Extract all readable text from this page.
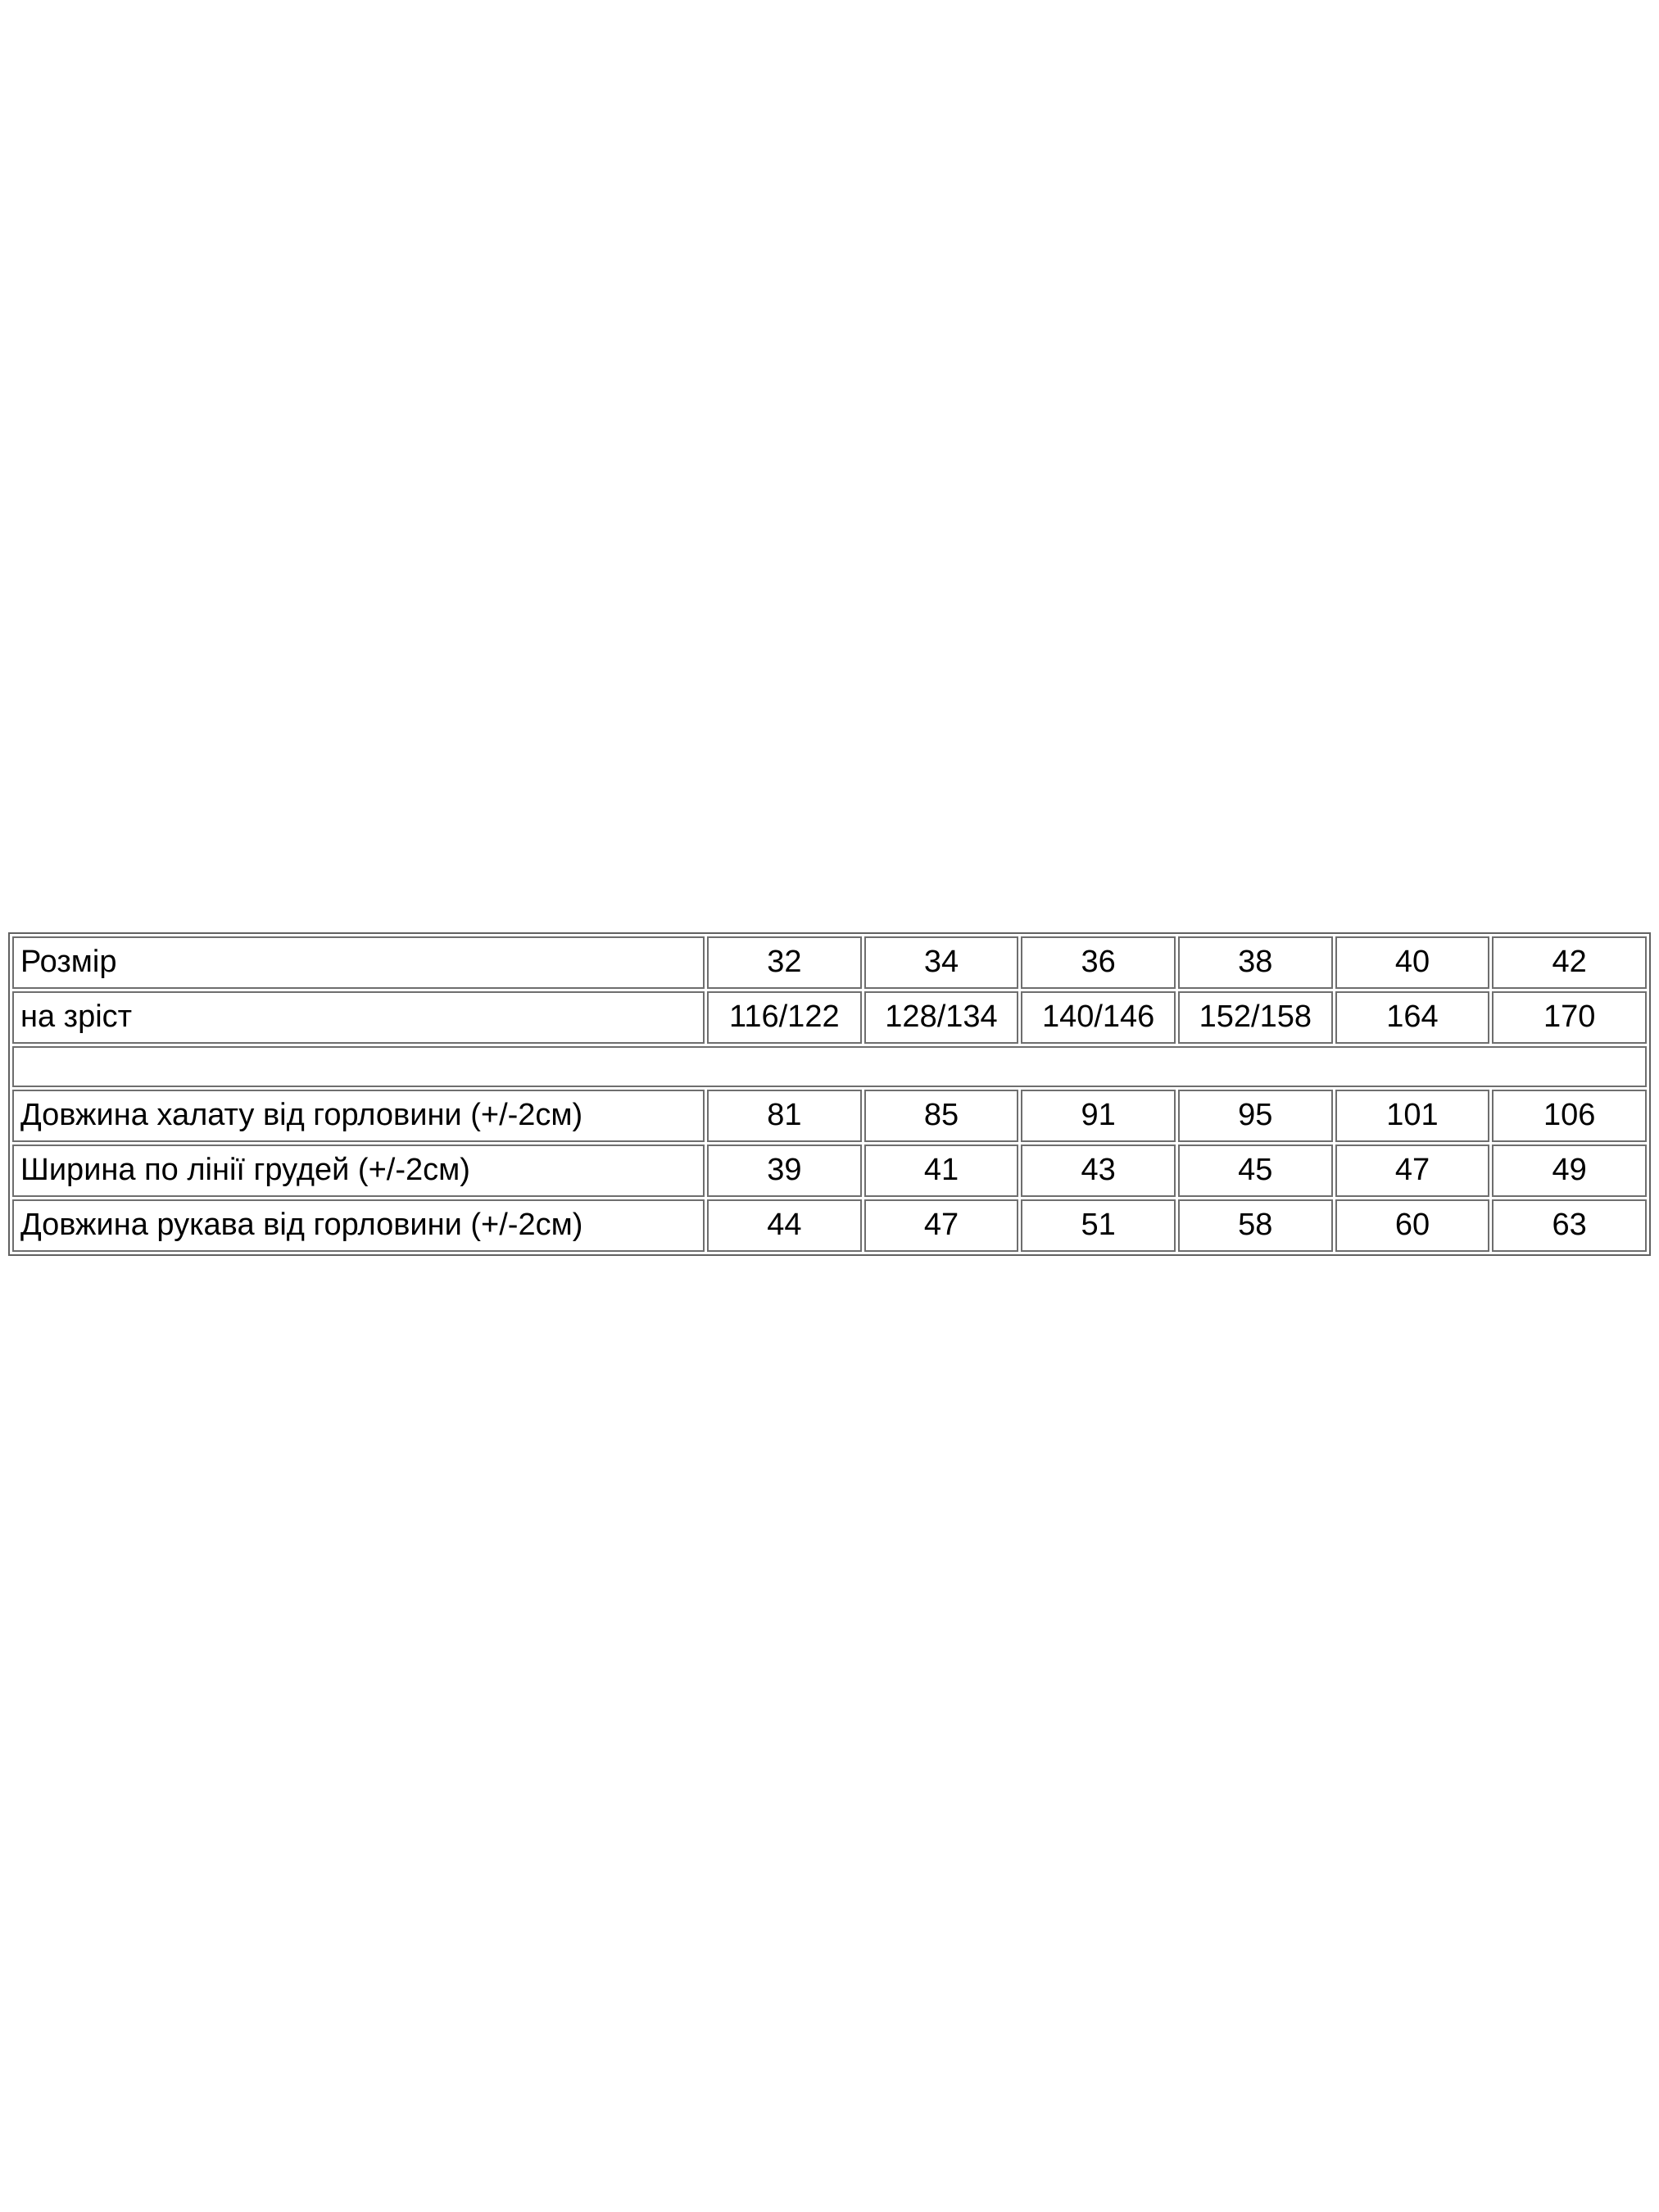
Розмір	32	34	36	38	40	42
на зріст	116/122	128/134	140/146	152/158	164	170

Довжина халату від горловини (+/-2см)	81	85	91	95	101	106
Ширина по лінії грудей (+/-2см)	39	41	43	45	47	49
Довжина рукава від горловини (+/-2см)	44	47	51	58	60	63
